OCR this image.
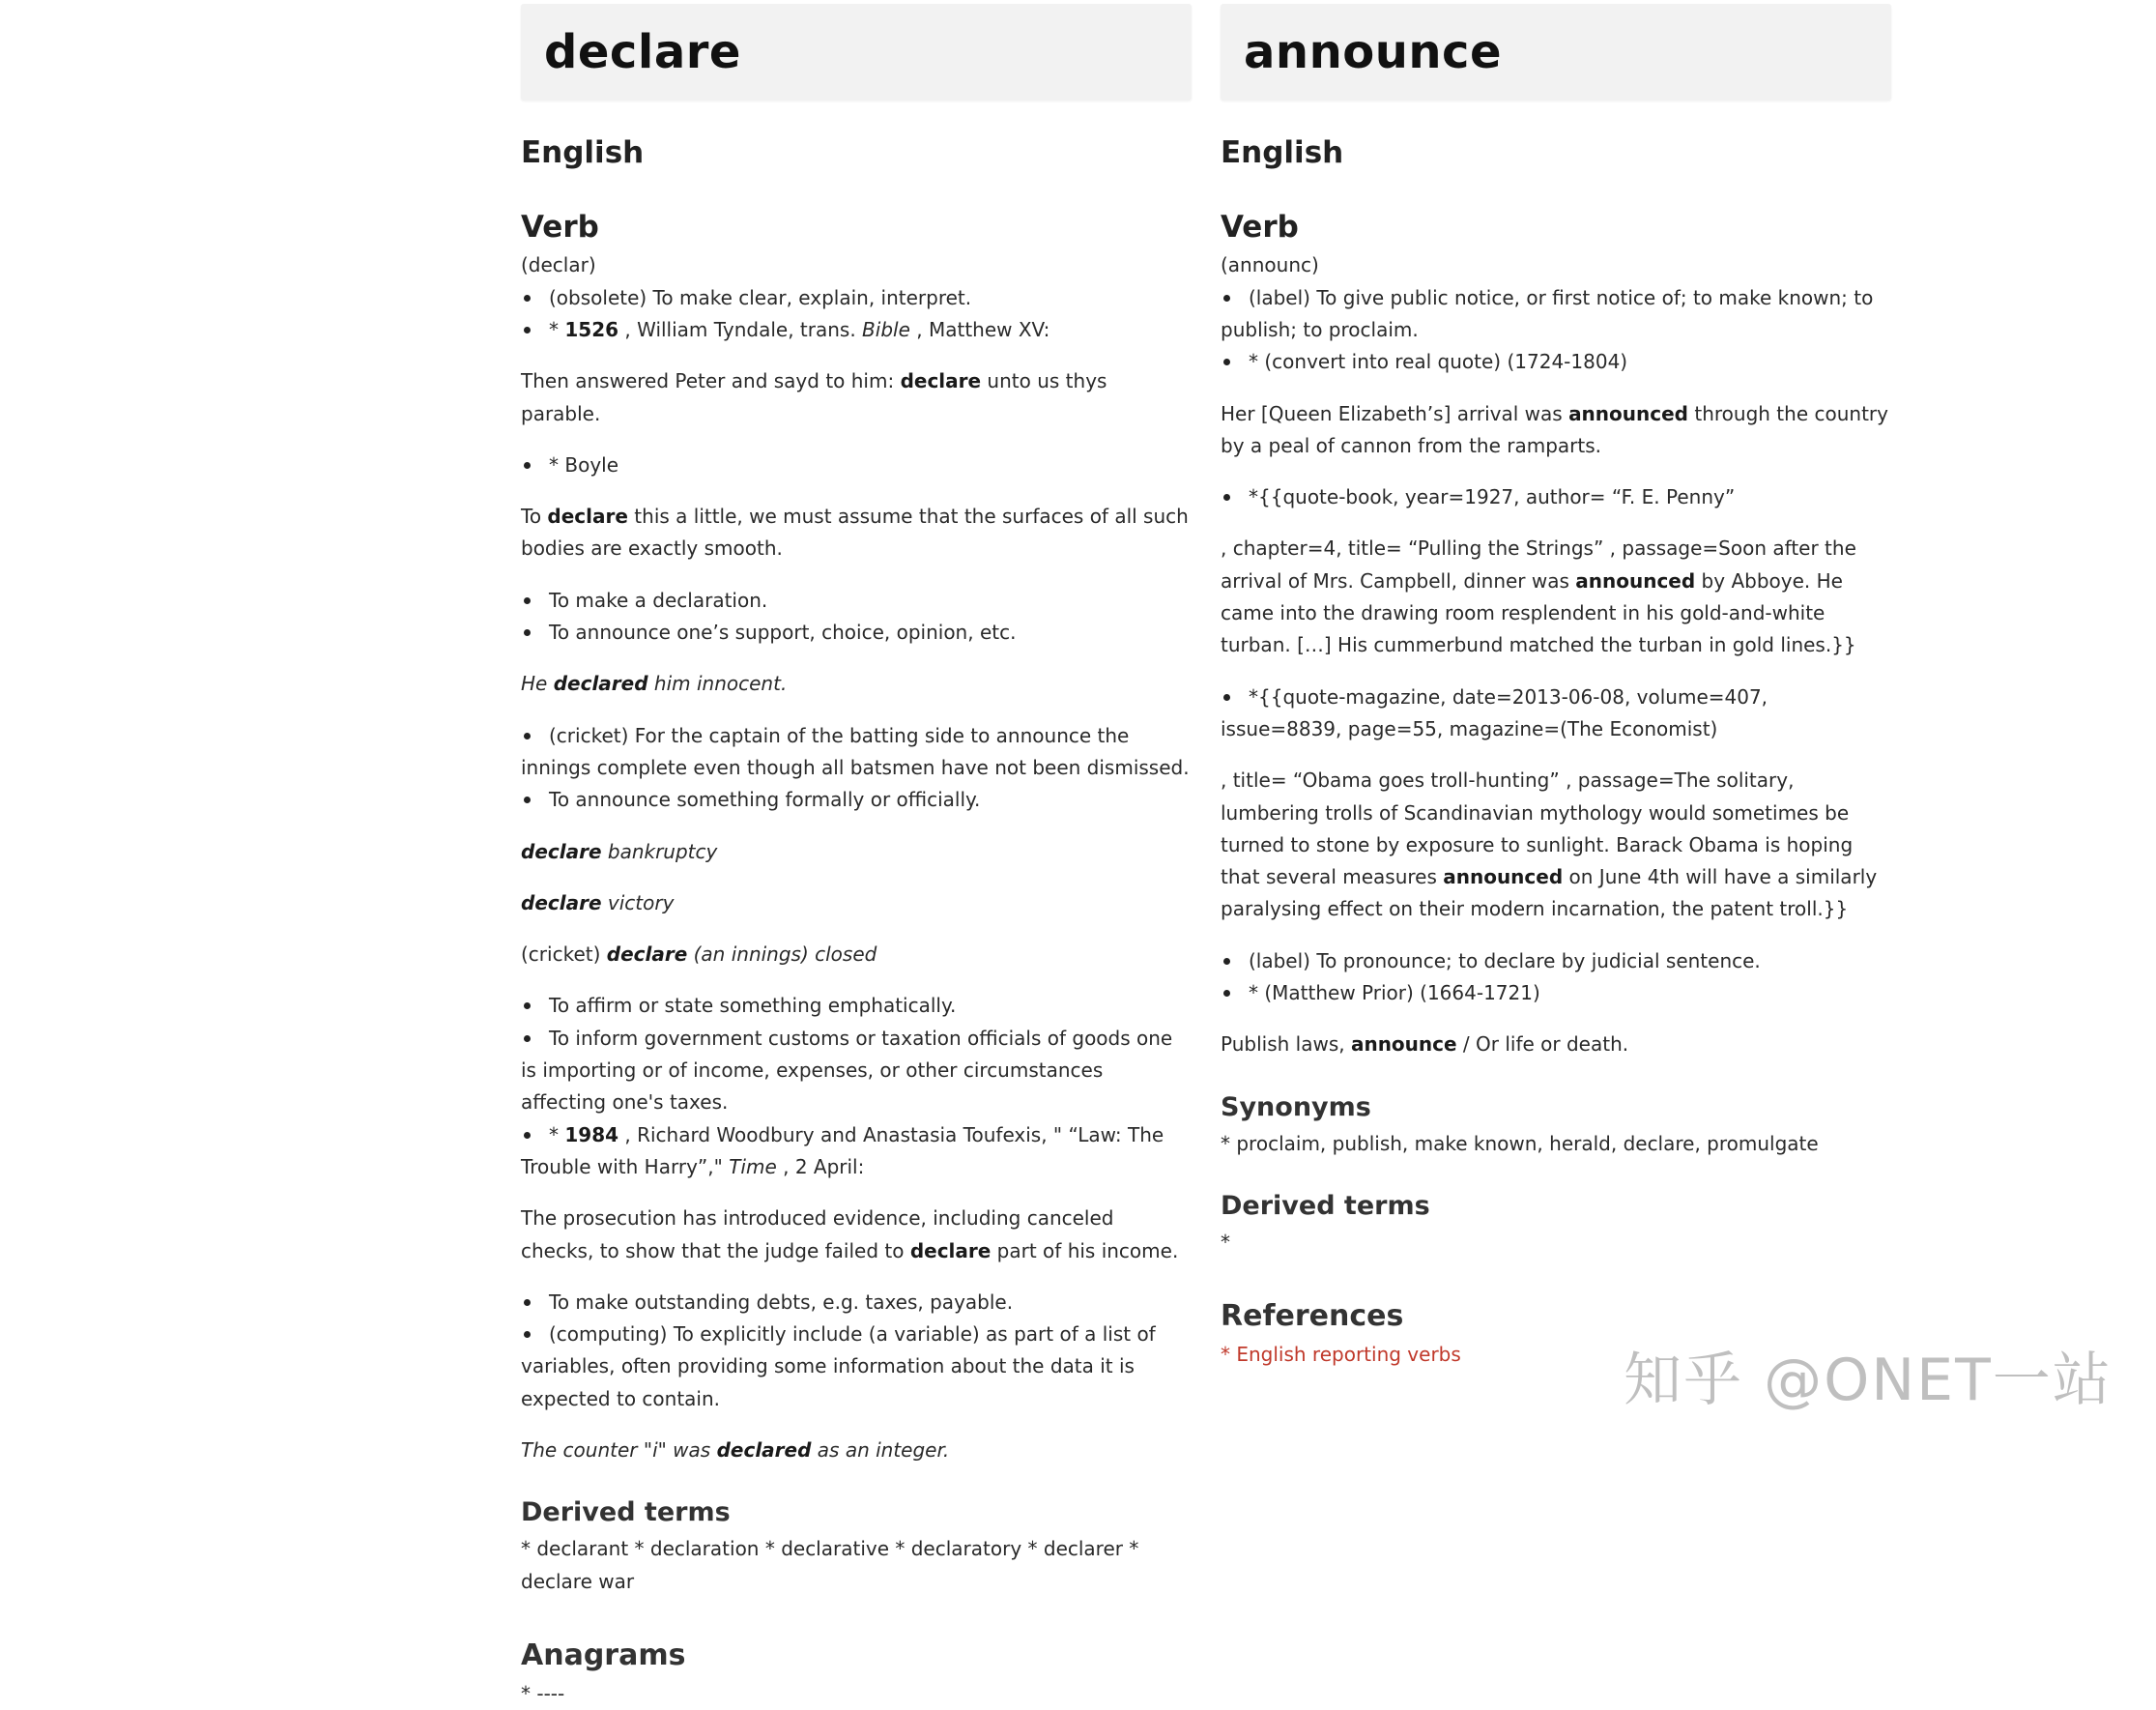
declare
English
Verb

(declar)

(obsolete) To make clear, explain, interpret.
* 1526 , William Tyndale, trans. Bible , Matthew XV:

Then answered Peter and sayd to him: declare unto us thys parable.

* Boyle

To declare this a little, we must assume that the surfaces of all such bodies are exactly smooth.

To make a declaration.
To announce one’s support, choice, opinion, etc.

He declared him innocent.

(cricket) For the captain of the batting side to announce the innings complete even though all batsmen have not been dismissed.
To announce something formally or officially.

declare bankruptcy

declare victory

(cricket) declare (an innings) closed

To affirm or state something emphatically.
To inform government customs or taxation officials of goods one is importing or of income, expenses, or other circumstances affecting one's taxes.
* 1984 , Richard Woodbury and Anastasia Toufexis, " “Law: The Trouble with Harry”," Time , 2 April:

The prosecution has introduced evidence, including canceled checks, to show that the judge failed to declare part of his income.

To make outstanding debts, e.g. taxes, payable.
(computing) To explicitly include (a variable) as part of a list of variables, often providing some information about the data it is expected to contain.

The counter "i" was declared as an integer.

Derived terms

* declarant * declaration * declarative * declaratory * declarer * declare war

Anagrams

* ----

announce
English
Verb

(announc)

(label) To give public notice, or first notice of; to make known; to publish; to proclaim.
* (convert into real quote) (1724-1804)

Her [Queen Elizabeth’s] arrival was announced through the country by a peal of cannon from the ramparts.

*{{quote-book, year=1927, author= “F. E. Penny”

, chapter=4, title= “Pulling the Strings” , passage=Soon after the arrival of Mrs. Campbell, dinner was announced by Abboye. He came into the drawing room resplendent in his gold-and-white turban. […] His cummerbund matched the turban in gold lines.}}

*{{quote-magazine, date=2013-06-08, volume=407, issue=8839, page=55, magazine=(The Economist)

, title= “Obama goes troll-hunting” , passage=The solitary, lumbering trolls of Scandinavian mythology would sometimes be turned to stone by exposure to sunlight. Barack Obama is hoping that several measures announced on June 4th will have a similarly paralysing effect on their modern incarnation, the patent troll.}}

(label) To pronounce; to declare by judicial sentence.
* (Matthew Prior) (1664-1721)

Publish laws, announce / Or life or death.

Synonyms

* proclaim, publish, make known, herald, declare, promulgate

Derived terms

*

References

* English reporting verbs	知乎 @ONET一站
